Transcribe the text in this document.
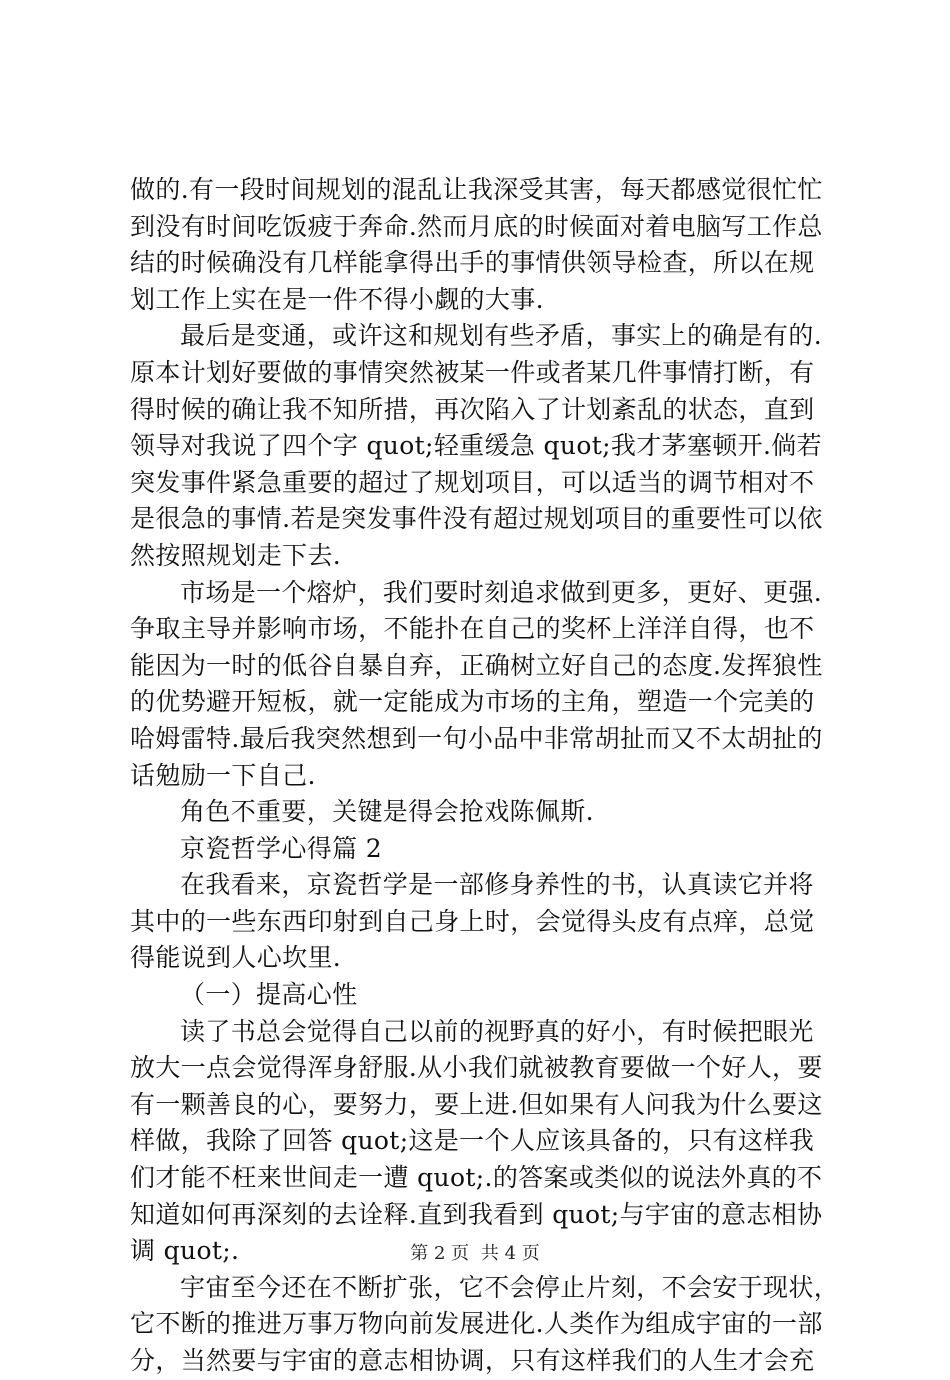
做的.有一段时间规划的混乱让我深受其害，每天都感觉很忙忙
到没有时间吃饭疲于奔命.然而月底的时候面对着电脑写工作总
结的时候确没有几样能拿得出手的事情供领导检查，所以在规
划工作上实在是一件不得小觑的大事.
最后是变通，或许这和规划有些矛盾，事实上的确是有的.
原本计划好要做的事情突然被某一件或者某几件事情打断，有
得时候的确让我不知所措，再次陷入了计划紊乱的状态，直到
领导对我说了四个字 quot;轻重缓急 quot;我才茅塞顿开.倘若
突发事件紧急重要的超过了规划项目，可以适当的调节相对不
是很急的事情.若是突发事件没有超过规划项目的重要性可以依
然按照规划走下去.
市场是一个熔炉，我们要时刻追求做到更多，更好、更强.
争取主导并影响市场，不能扑在自己的奖杯上洋洋自得，也不
能因为一时的低谷自暴自弃，正确树立好自己的态度.发挥狼性
的优势避开短板，就一定能成为市场的主角，塑造一个完美的
哈姆雷特.最后我突然想到一句小品中非常胡扯而又不太胡扯的
话勉励一下自己.
角色不重要，关键是得会抢戏陈佩斯.
京瓷哲学心得篇 2
在我看来，京瓷哲学是一部修身养性的书，认真读它并将
其中的一些东西印射到自己身上时，会觉得头皮有点痒，总觉
得能说到人心坎里.
（一）提高心性
读了书总会觉得自己以前的视野真的好小，有时候把眼光
放大一点会觉得浑身舒服.从小我们就被教育要做一个好人，要
有一颗善良的心，要努力，要上进.但如果有人问我为什么要这
样做，我除了回答 quot;这是一个人应该具备的，只有这样我
们才能不枉来世间走一遭 quot;.的答案或类似的说法外真的不
知道如何再深刻的去诠释.直到我看到 quot;与宇宙的意志相协
调 quot;.
宇宙至今还在不断扩张，它不会停止片刻，不会安于现状，
它不断的推进万事万物向前发展进化.人类作为组成宇宙的一部
分，当然要与宇宙的意志相协调，只有这样我们的人生才会充
第 2 页 共 4 页
